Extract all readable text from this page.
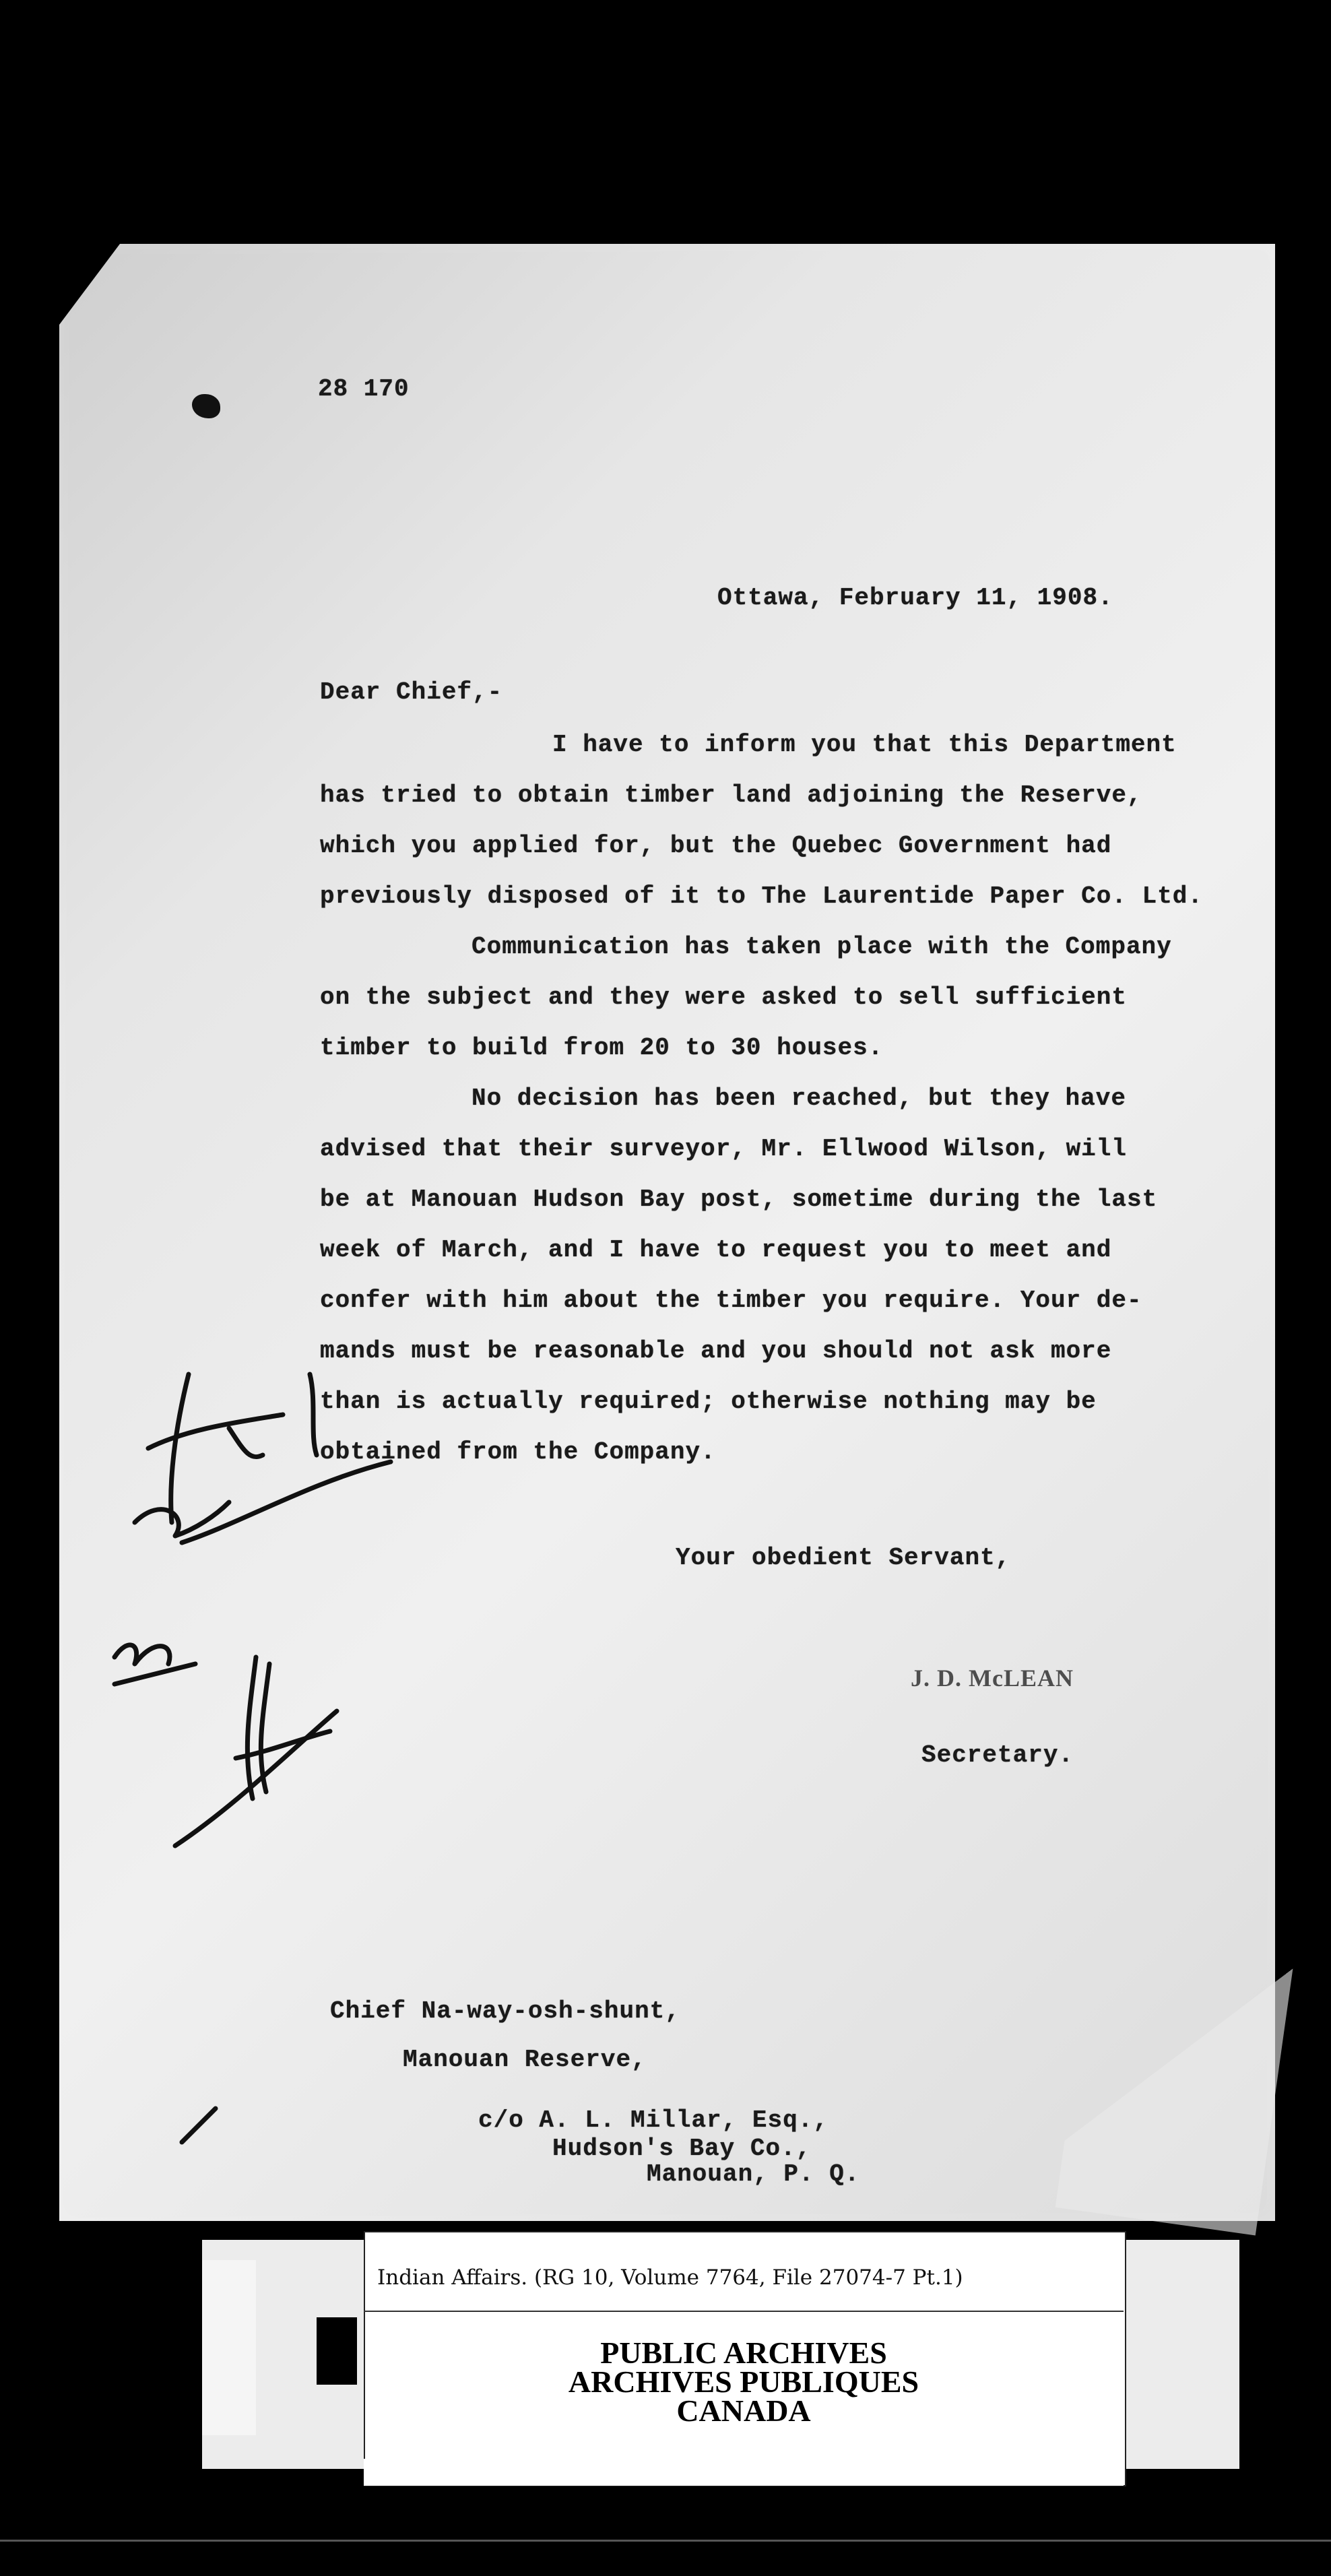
28 170
Ottawa, February 11, 1908.
Dear Chief,-
I have to inform you that this Department
has tried to obtain timber land adjoining the Reserve,
which you applied for, but the Quebec Government had
previously disposed of it to The Laurentide Paper Co. Ltd.
Communication has taken place with the Company
on the subject and they were asked to sell sufficient
timber to build from 20 to 30 houses.
No decision has been reached, but they have
advised that their surveyor, Mr. Ellwood Wilson, will
be at Manouan Hudson Bay post, sometime during the last
week of March, and I have to request you to meet and
confer with him about the timber you require. Your de-
mands must be reasonable and you should not ask more
than is actually required; otherwise nothing may be
obtained from the Company.
Your obedient Servant,
J. D. McLEAN
Secretary.
Chief Na-way-osh-shunt,
Manouan Reserve,
c/o A. L. Millar, Esq.,
Hudson's Bay Co.,
Manouan, P. Q.
Indian Affairs. (RG 10, Volume 7764, File 27074-7 Pt.1)
PUBLIC ARCHIVES
ARCHIVES PUBLIQUES
CANADA
